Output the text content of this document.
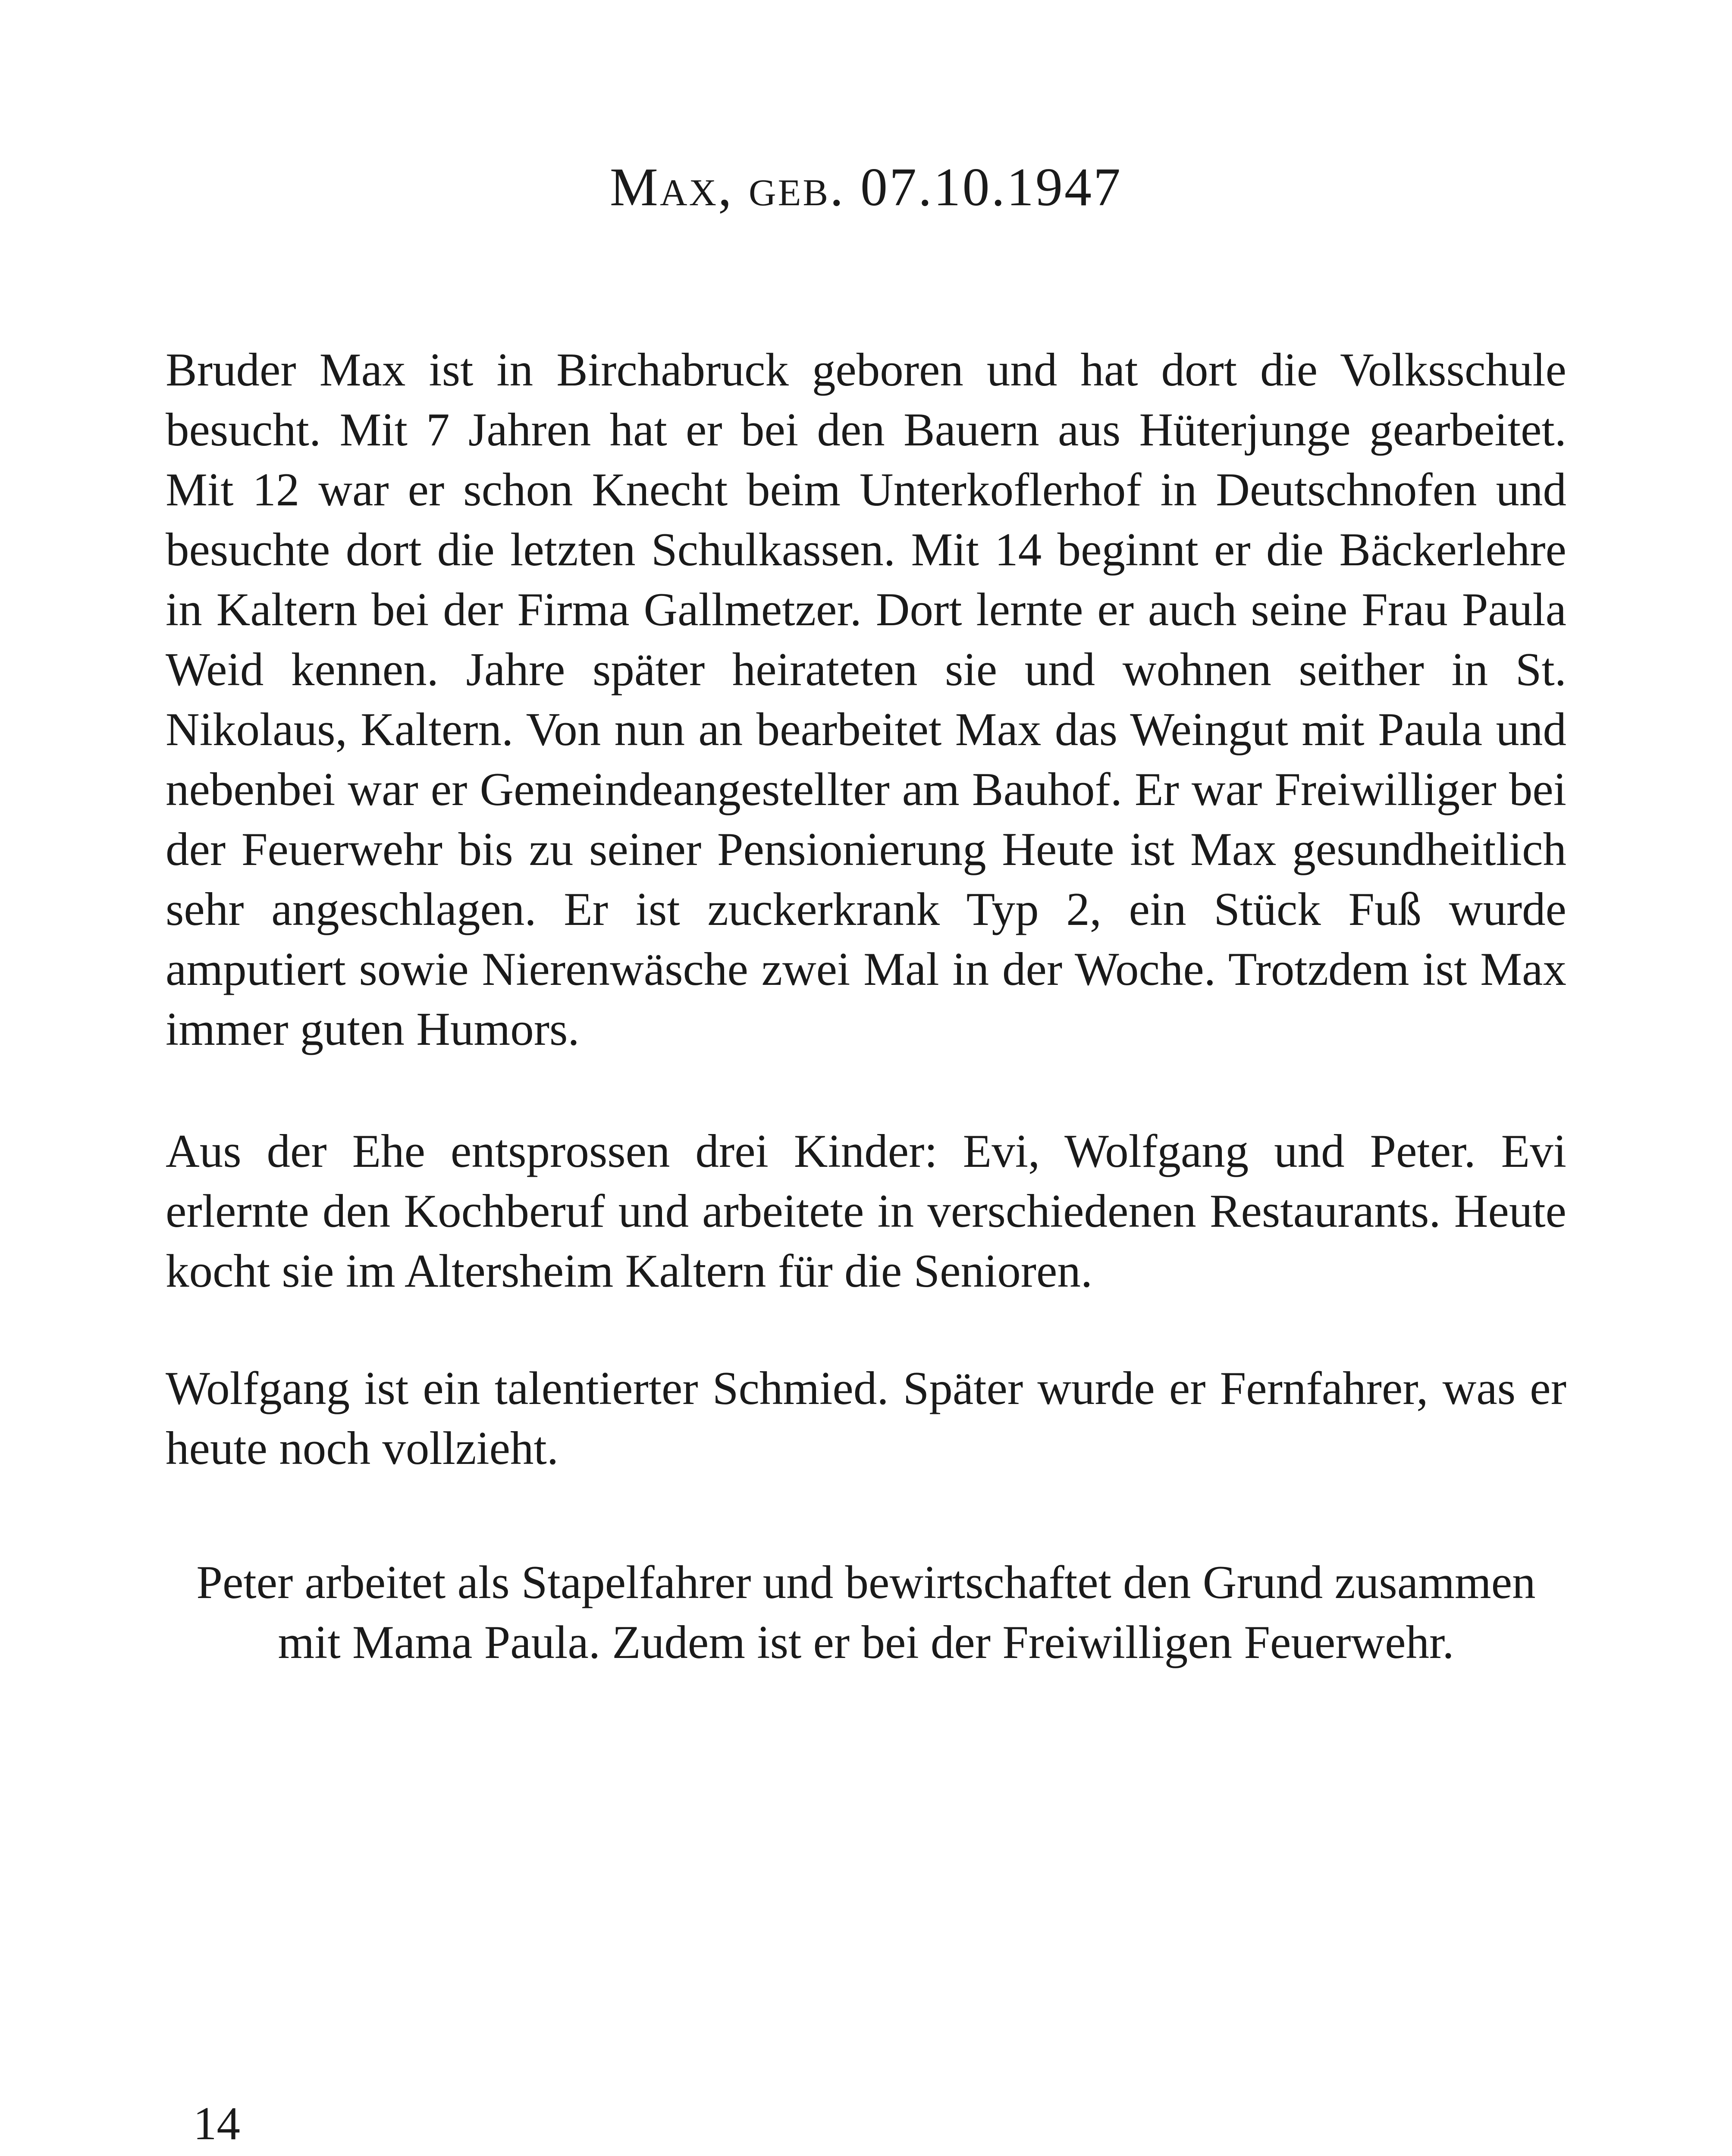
Max, geb. 07.10.1947

Bruder Max ist in Birchabruck geboren und hat dort die Volksschule besucht. Mit 7 Jahren hat er bei den Bauern aus Hüterjunge gearbeitet. Mit 12 war er schon Knecht beim Unterkoflerhof in Deutschnofen und besuchte dort die letzten Schulkassen. Mit 14 beginnt er die Bäckerlehre in Kaltern bei der Firma Gallmetzer. Dort lernte er auch seine Frau Paula Weid kennen. Jahre später heirateten sie und wohnen seither in St. Nikolaus, Kaltern. Von nun an bearbeitet Max das Weingut mit Paula und nebenbei war er Gemeindeangestellter am Bauhof. Er war Freiwilliger bei der Feuerwehr bis zu seiner Pensionierung Heute ist Max gesundheitlich sehr angeschlagen. Er ist zuckerkrank Typ 2, ein Stück Fuß wurde amputiert sowie Nierenwäsche zwei Mal in der Woche. Trotzdem ist Max immer guten Humors.

Aus der Ehe entsprossen drei Kinder: Evi, Wolfgang und Peter. Evi erlernte den Kochberuf und arbeitete in verschiedenen Restaurants. Heute kocht sie im Altersheim Kaltern für die Senioren.

Wolfgang ist ein talentierter Schmied. Später wurde er Fernfahrer, was er heute noch vollzieht.

Peter arbeitet als Stapelfahrer und bewirtschaftet den Grund zusammen mit Mama Paula. Zudem ist er bei der Freiwilligen Feuerwehr.

14
